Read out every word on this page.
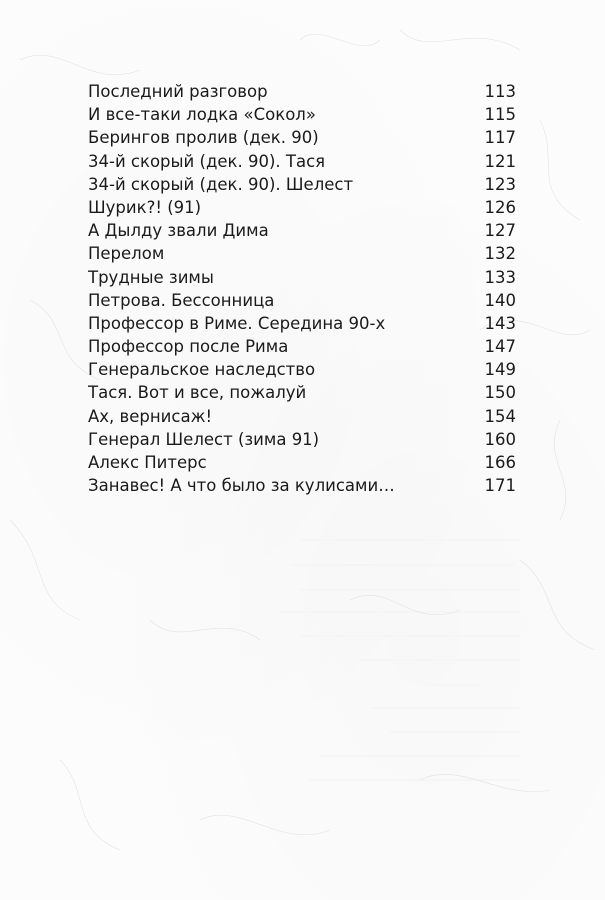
Последний разговор	113
И все-таки лодка «Сокол»	115
Берингов пролив (дек. 90)	117
34-й скорый (дек. 90). Тася	121
34-й скорый (дек. 90). Шелест	123
Шурик?! (91)	126
А Дылду звали Дима	127
Перелом	132
Трудные зимы	133
Петрова. Бессонница	140
Профессор в Риме. Середина 90-х	143
Профессор после Рима	147
Генеральское наследство	149
Тася. Вот и все, пожалуй	150
Ах, вернисаж!	154
Генерал Шелест (зима 91)	160
Алекс Питерс	166
Занавес! А что было за кулисами…	171
